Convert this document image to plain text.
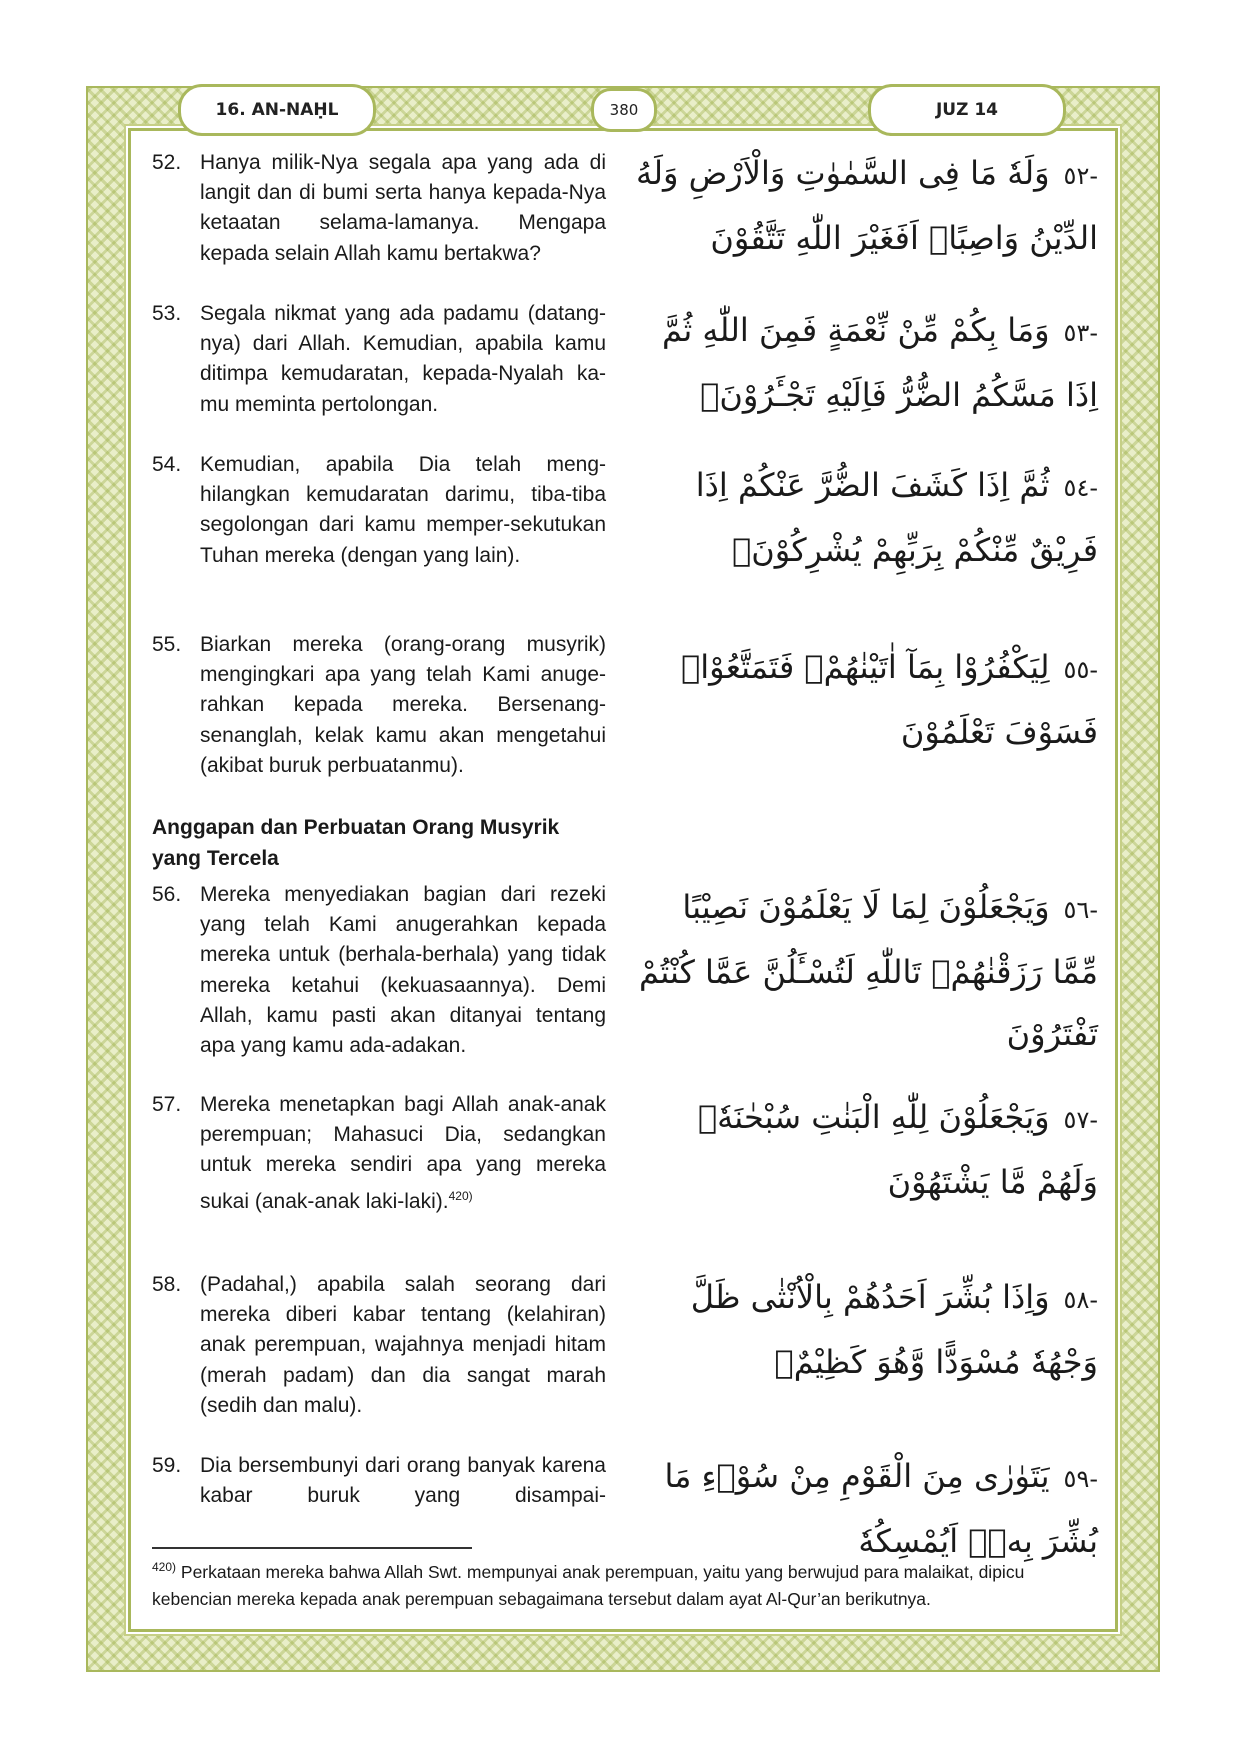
16. AN-NAḤL	380	JUZ 14
52. Hanya milik-Nya segala apa yang ada di langit dan di bumi serta hanya kepada-Nya ketaatan selama-lamanya. Mengapa kepada selain Allah kamu bertakwa?
-٥٢وَلَهٗ مَا فِى السَّمٰوٰتِ وَالْاَرْضِ وَلَهُ الدِّيْنُ وَاصِبًاۗ اَفَغَيْرَ اللّٰهِ تَتَّقُوْنَ
53. Segala nikmat yang ada padamu (datang-nya) dari Allah. Kemudian, apabila kamu ditimpa kemudaratan, kepada-Nyalah ka-mu meminta pertolongan.
-٥٣وَمَا بِكُمْ مِّنْ نِّعْمَةٍ فَمِنَ اللّٰهِ ثُمَّ اِذَا مَسَّكُمُ الضُّرُّ فَاِلَيْهِ تَجْـَٔرُوْنَۚ
54. Kemudian, apabila Dia telah meng-hilangkan kemudaratan darimu, tiba-tiba segolongan dari kamu memper-sekutukan Tuhan mereka (dengan yang lain).
-٥٤ثُمَّ اِذَا كَشَفَ الضُّرَّ عَنْكُمْ اِذَا فَرِيْقٌ مِّنْكُمْ بِرَبِّهِمْ يُشْرِكُوْنَۙ
55. Biarkan mereka (orang-orang musyrik) mengingkari apa yang telah Kami anuge-rahkan kepada mereka. Bersenang-senanglah, kelak kamu akan mengetahui (akibat buruk perbuatanmu).
-٥٥لِيَكْفُرُوْا بِمَآ اٰتَيْنٰهُمْۗ فَتَمَتَّعُوْاۗ فَسَوْفَ تَعْلَمُوْنَ
Anggapan dan Perbuatan Orang Musyrik yang Tercela
56. Mereka menyediakan bagian dari rezeki yang telah Kami anugerahkan kepada mereka untuk (berhala-berhala) yang tidak mereka ketahui (kekuasaannya). Demi Allah, kamu pasti akan ditanyai tentang apa yang kamu ada-adakan.
-٥٦وَيَجْعَلُوْنَ لِمَا لَا يَعْلَمُوْنَ نَصِيْبًا مِّمَّا رَزَقْنٰهُمْۗ تَاللّٰهِ لَتُسْـَٔلُنَّ عَمَّا كُنْتُمْ تَفْتَرُوْنَ
57. Mereka menetapkan bagi Allah anak-anak perempuan; Mahasuci Dia, sedangkan untuk mereka sendiri apa yang mereka sukai (anak-anak laki-laki).$^{420)}$
-٥٧وَيَجْعَلُوْنَ لِلّٰهِ الْبَنٰتِ سُبْحٰنَهٗۙ وَلَهُمْ مَّا يَشْتَهُوْنَ
58. (Padahal,) apabila salah seorang dari mereka diberi kabar tentang (kelahiran) anak perempuan, wajahnya menjadi hitam (merah padam) dan dia sangat marah (sedih dan malu).
-٥٨وَاِذَا بُشِّرَ اَحَدُهُمْ بِالْاُنْثٰى ظَلَّ وَجْهُهٗ مُسْوَدًّا وَّهُوَ كَظِيْمٌۚ
59. Dia bersembunyi dari orang banyak karena kabar buruk yang disampai-
-٥٩يَتَوٰرٰى مِنَ الْقَوْمِ مِنْ سُوْۤءِ مَا بُشِّرَ بِهٖۗ اَيُمْسِكُهٗ
$^{420)}$ Perkataan mereka bahwa Allah Swt. mempunyai anak perempuan, yaitu yang berwujud para malaikat, dipicu kebencian mereka kepada anak perempuan sebagaimana tersebut dalam ayat Al-Qur’an berikutnya.
